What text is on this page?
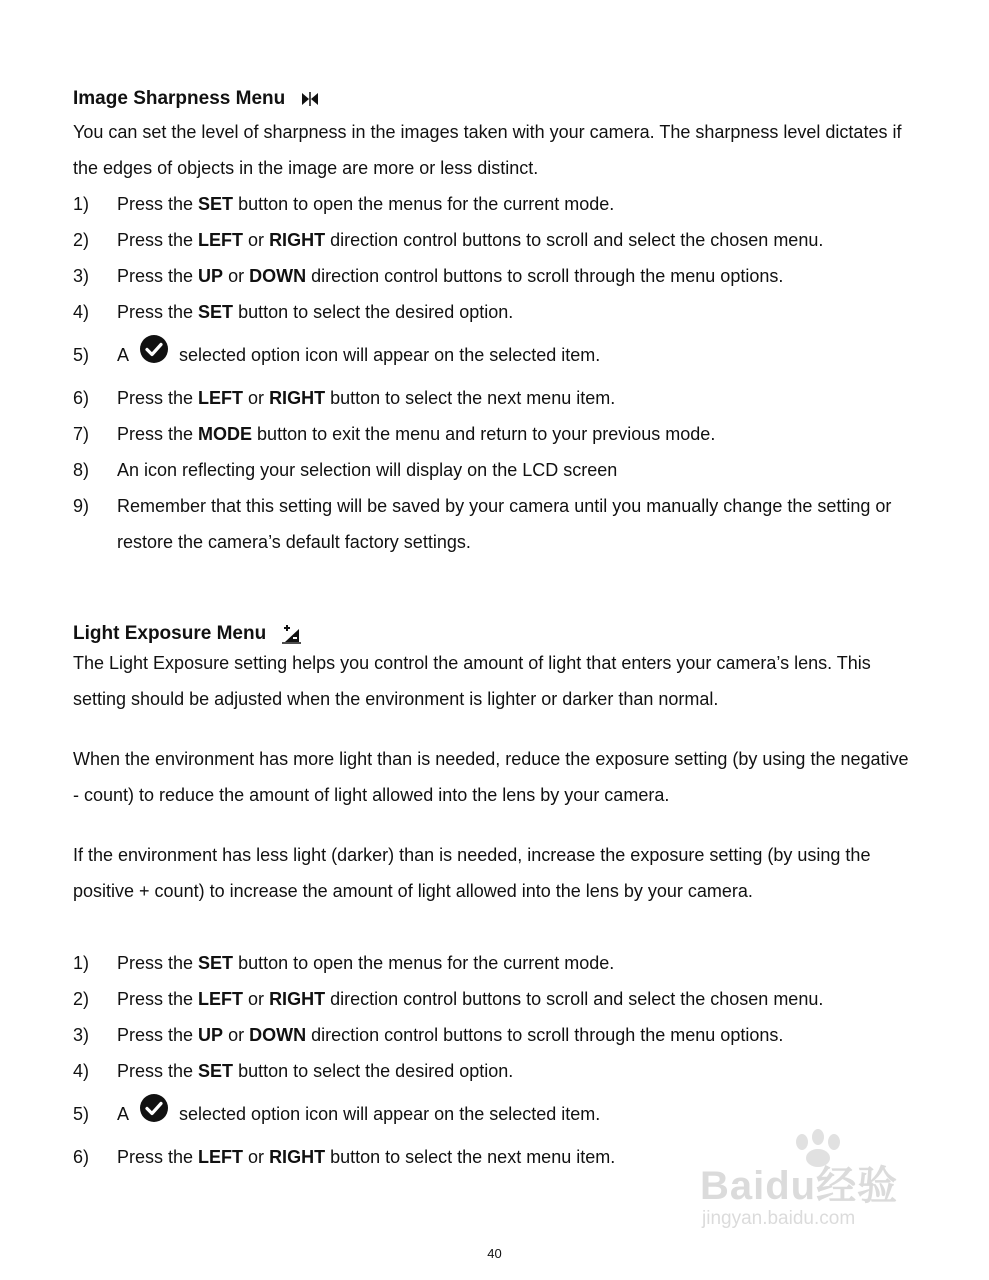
Image Sharpness Menu

You can set the level of sharpness in the images taken with your camera. The sharpness level dictates if the edges of objects in the image are more or less distinct.

1) Press the SET button to open the menus for the current mode.
2) Press the LEFT or RIGHT direction control buttons to scroll and select the chosen menu.
3) Press the UP or DOWN direction control buttons to scroll through the menu options.
4) Press the SET button to select the desired option.
5) A	selected option icon will appear on the selected item.
6) Press the LEFT or RIGHT button to select the next menu item.
7) Press the MODE button to exit the menu and return to your previous mode.
8) An icon reflecting your selection will display on the LCD screen
9) Remember that this setting will be saved by your camera until you manually change the setting or restore the camera’s default factory settings.
Light Exposure Menu

The Light Exposure setting helps you control the amount of light that enters your camera’s lens. This setting should be adjusted when the environment is lighter or darker than normal.

When the environment has more light than is needed, reduce the exposure setting (by using the negative - count) to reduce the amount of light allowed into the lens by your camera.

If the environment has less light (darker) than is needed, increase the exposure setting (by using the positive + count) to increase the amount of light allowed into the lens by your camera.

1) Press the SET button to open the menus for the current mode.
2) Press the LEFT or RIGHT direction control buttons to scroll and select the chosen menu.
3) Press the UP or DOWN direction control buttons to scroll through the menu options.
4) Press the SET button to select the desired option.
5) A	selected option icon will appear on the selected item.
6) Press the LEFT or RIGHT button to select the next menu item.
Baidu经验
jingyan.baidu.com
40
